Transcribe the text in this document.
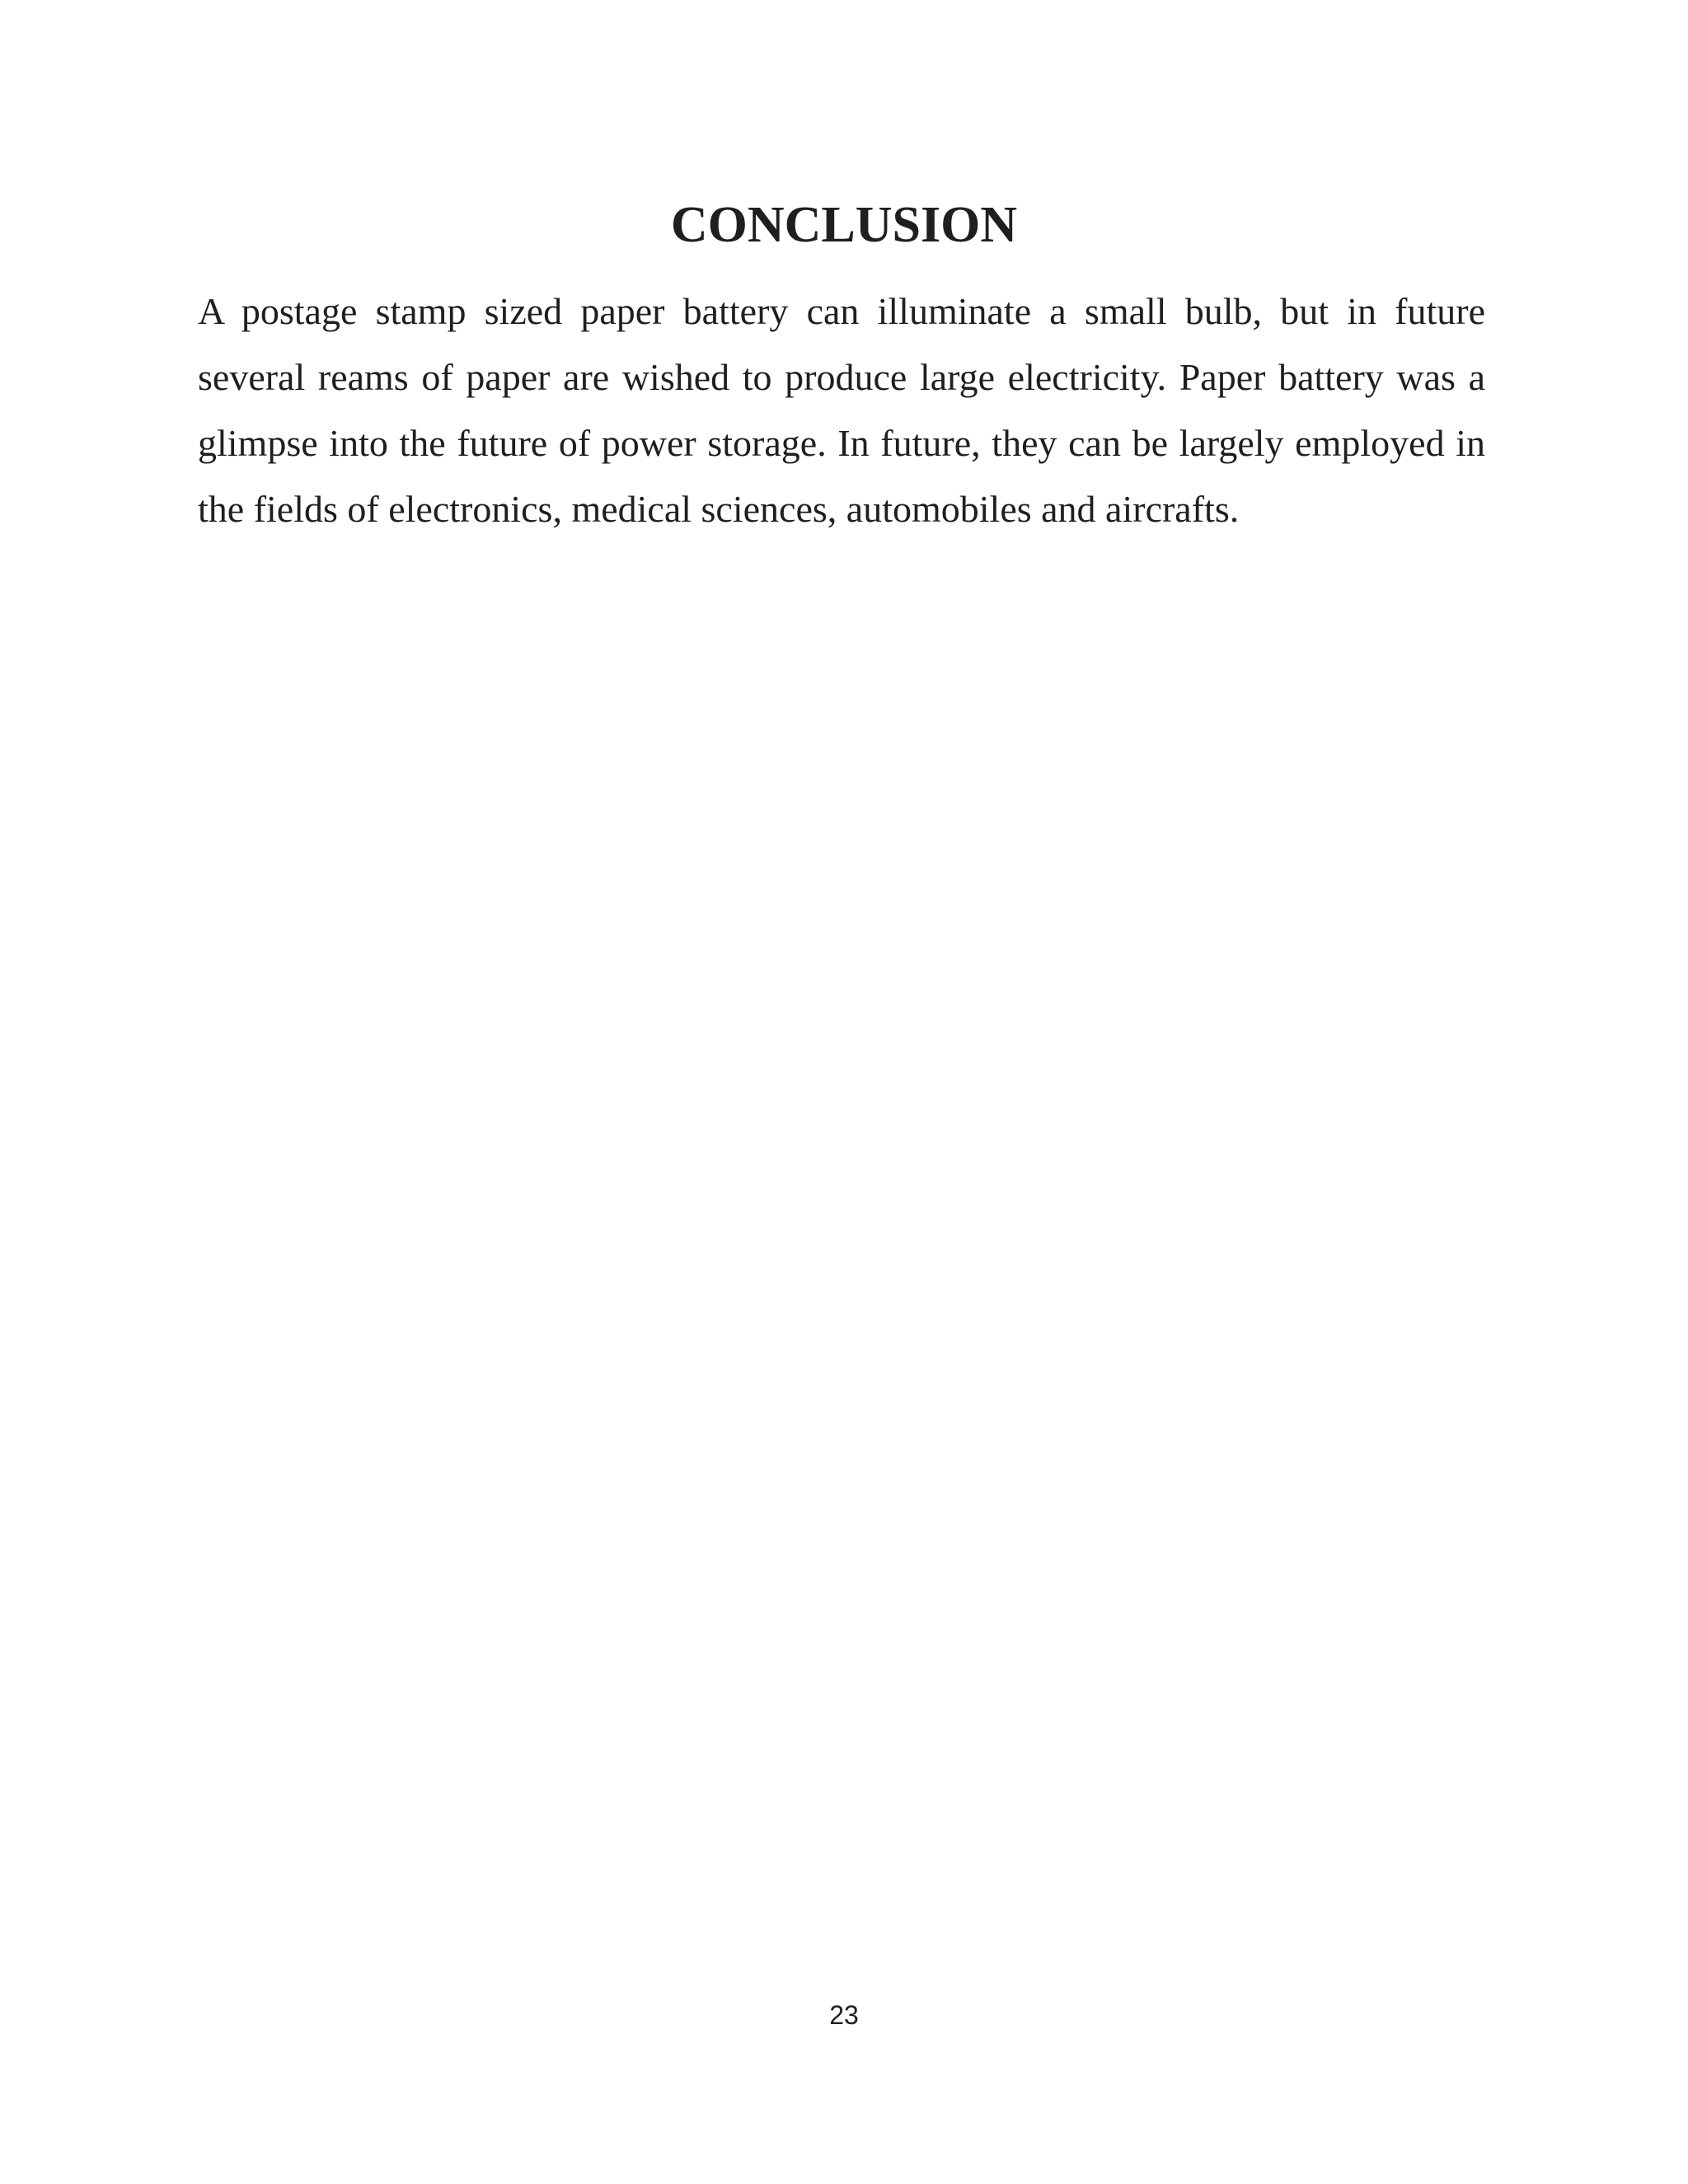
CONCLUSION

A postage stamp sized paper battery can illuminate a small bulb, but in future several reams of paper are wished to produce large electricity. Paper battery was a glimpse into the future of power storage. In future, they can be largely employed in the fields of electronics, medical sciences, automobiles and aircrafts.

23
